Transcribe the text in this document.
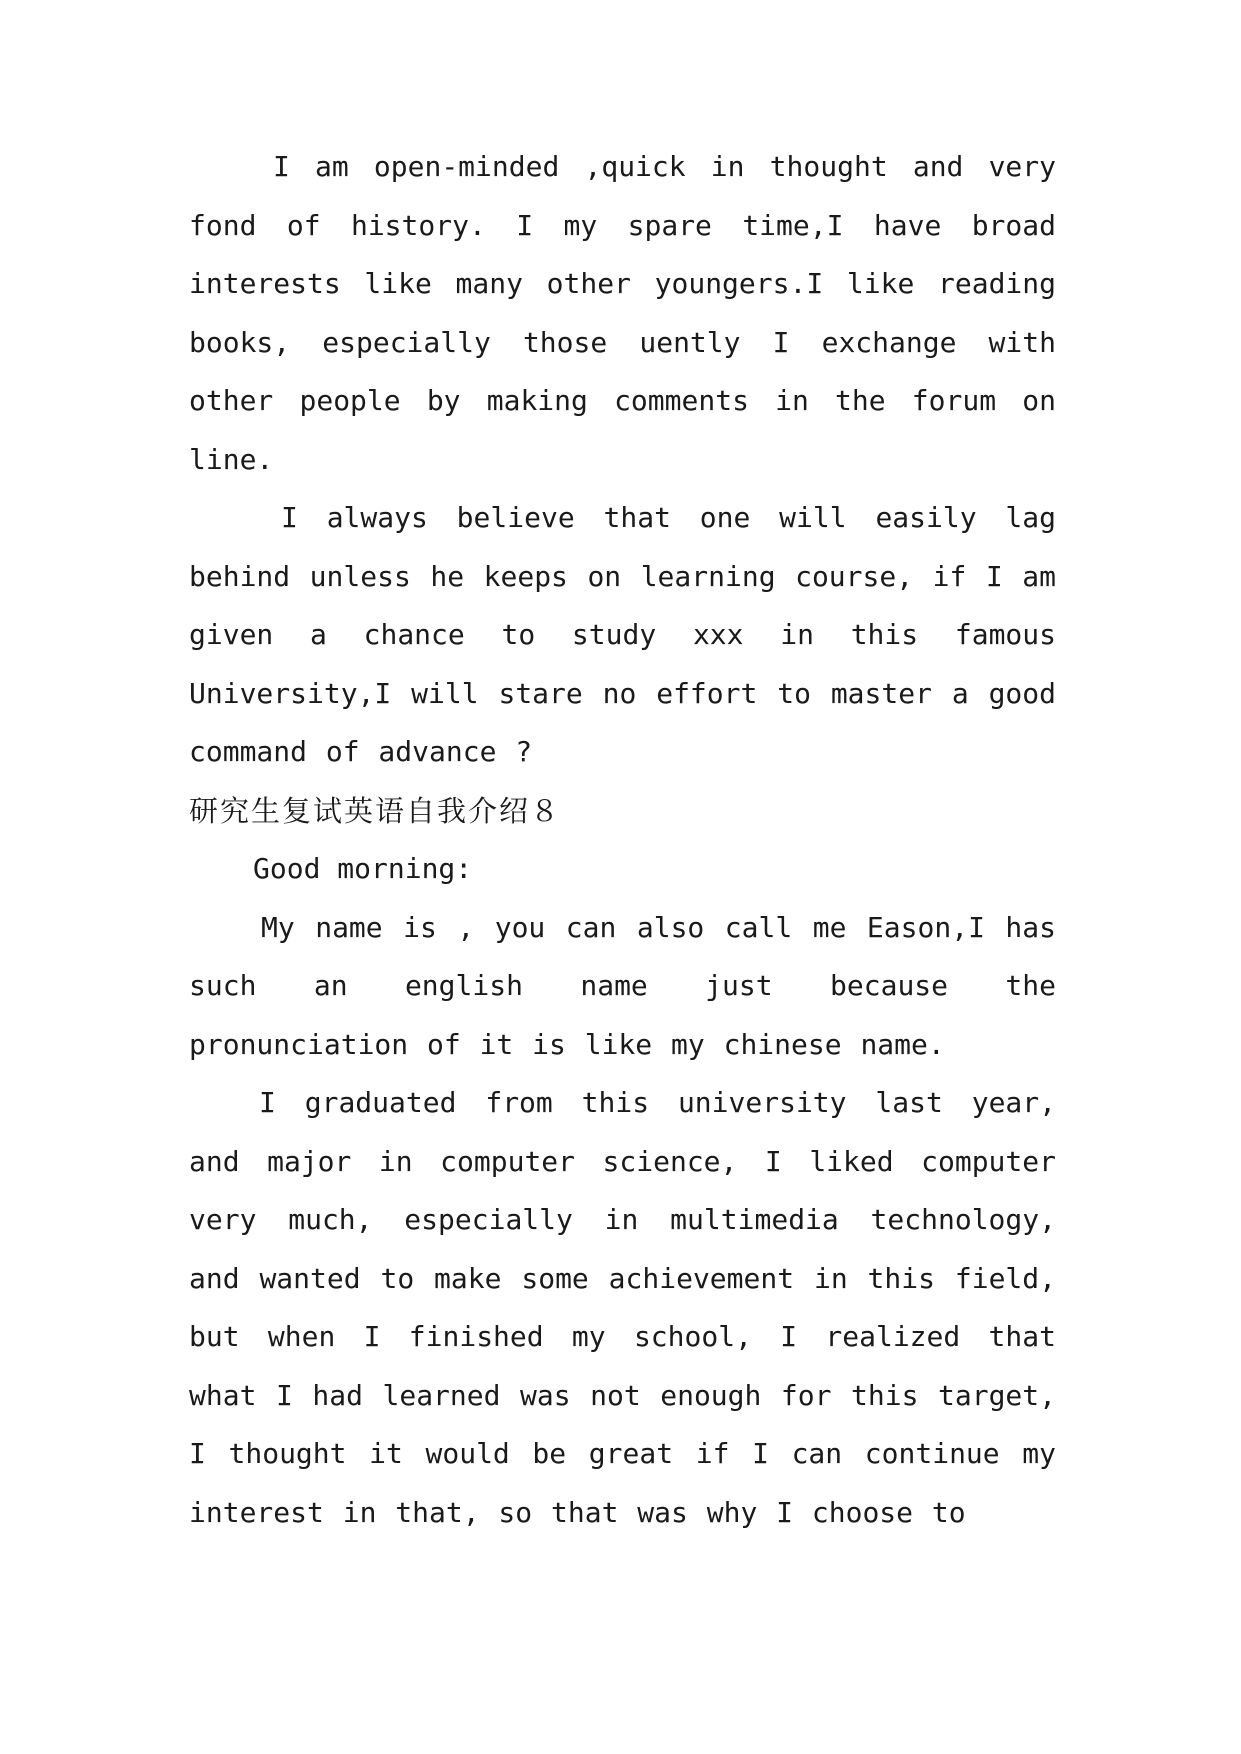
I am open-minded ,quick in thought and very fond of history. I my spare time,I have broad interests like many other youngers.I like reading books, especially those uently I exchange with other people by making comments in the forum on line.

I always believe that one will easily lag behind unless he keeps on learning course, if I am given a chance to study xxx in this famous University,I will stare no effort to master a good command of advance ?

研究生复试英语自我介绍８

Good morning:

My name is , you can also call me Eason,I has such an english name just because the pronunciation of it is like my chinese name.

I graduated from this university last year, and major in computer science, I liked computer very much, especially in multimedia technology, and wanted to make some achievement in this field, but when I finished my school, I realized that what I had learned was not enough for this target, I thought it would be great if I can continue my interest in that, so that was why I choose to
